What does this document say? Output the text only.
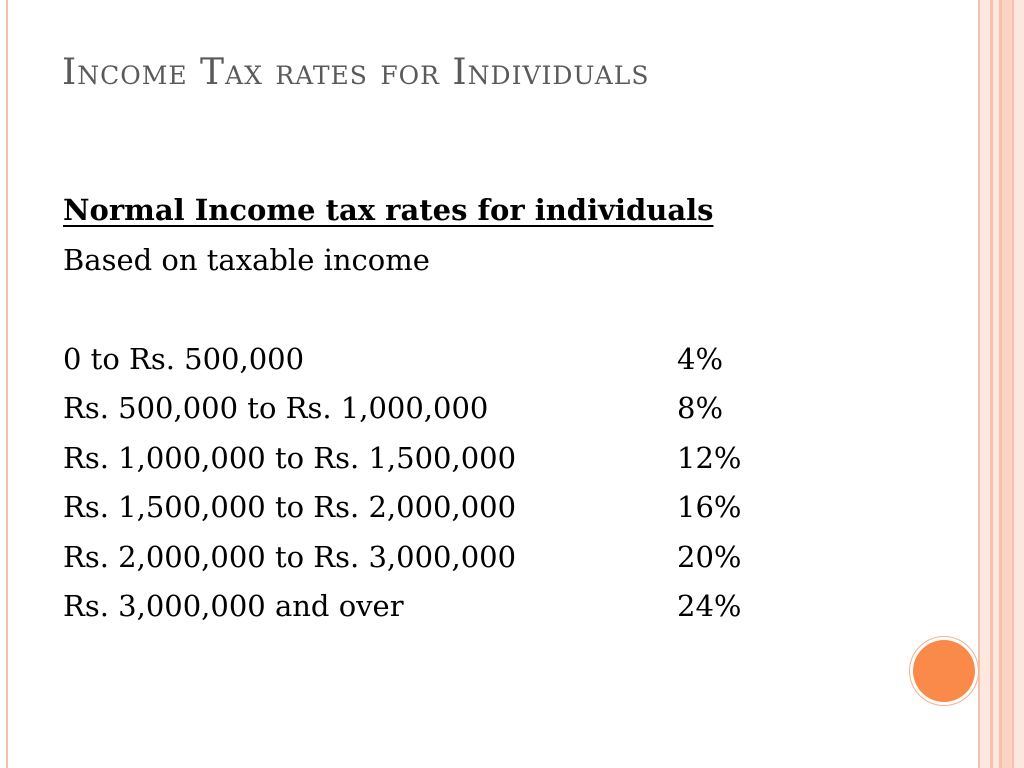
Income Tax rates for Individuals
Normal Income tax rates for individuals
Based on taxable income
0 to Rs. 500,000	4%
Rs. 500,000 to Rs. 1,000,000	8%
Rs. 1,000,000 to Rs. 1,500,000	12%
Rs. 1,500,000 to Rs. 2,000,000	16%
Rs. 2,000,000 to Rs. 3,000,000	20%
Rs. 3,000,000 and over	24%
